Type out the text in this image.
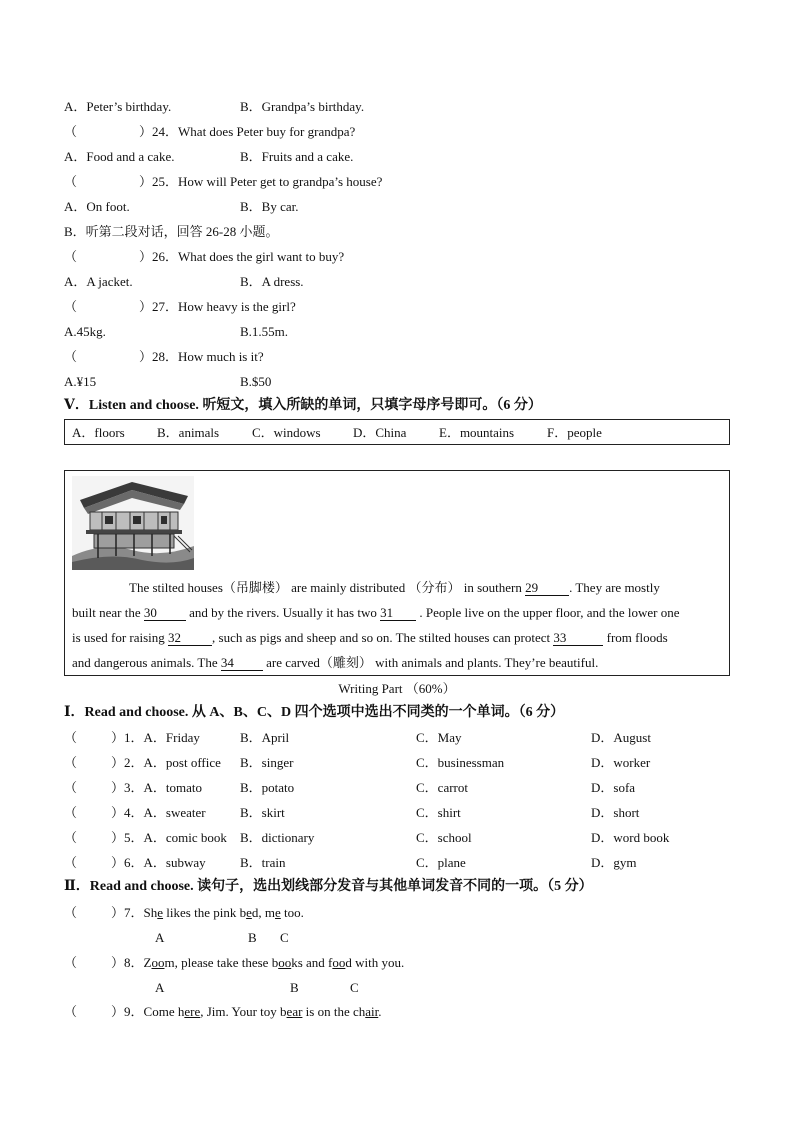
A．Peter’s birthday.	B．Grandpa’s birthday.
（	）24．What does Peter buy for grandpa?
A．Food and a cake.	B．Fruits and a cake.
（	）25．How will Peter get to grandpa’s house?
A．On foot.	B．By car.
B．听第二段对话，回答 26-28 小题。
（	）26．What does the girl want to buy?
A．A jacket.	B．A dress.
（	）27．How heavy is the girl?
A.45kg.	B.1.55m.
（	）28．How much is it?
A.¥15	B.$50
Ⅴ．Listen and choose. 听短文，填入所缺的单词，只填字母序号即可。（6 分）
A．floors B．animals	C．windows D．China	E．mountains	F．people
The stilted houses（吊脚楼） are mainly distributed （分布） in southern 29 . They are mostly
built near the 30 and by the rivers. Usually it has two 31 . People live on the upper floor, and the lower one
is used for raising 32 , such as pigs and sheep and so on. The stilted houses can protect 33	from floods
and dangerous animals. The 34 are carved（雕刻） with animals and plants. They’re beautiful.
Writing Part （60%）
Ⅰ．Read and choose. 从 A、B、C、D 四个选项中选出不同类的一个单词。（6 分）
（	）1．A．Friday	B．April	C．May	D．August
（	）2．A．post office B．singer	C．businessman	D．worker
（	）3．A．tomato	B．potato	C．carrot	D．sofa
（	）4．A．sweater	B．skirt	C．shirt	D．short
（	）5．A．comic book B．dictionary	C．school	D．word book
（	）6．A．subway	B．train	C．plane	D．gym
Ⅱ．Read and choose. 读句子，选出划线部分发音与其他单词发音不同的一项。（5 分）
（	）7．She likes the pink bed, me too.
A	B C
（	）8．Zoom, please take these books and food with you.
A	B	C
（	）9．Come here, Jim. Your toy bear is on the chair.
